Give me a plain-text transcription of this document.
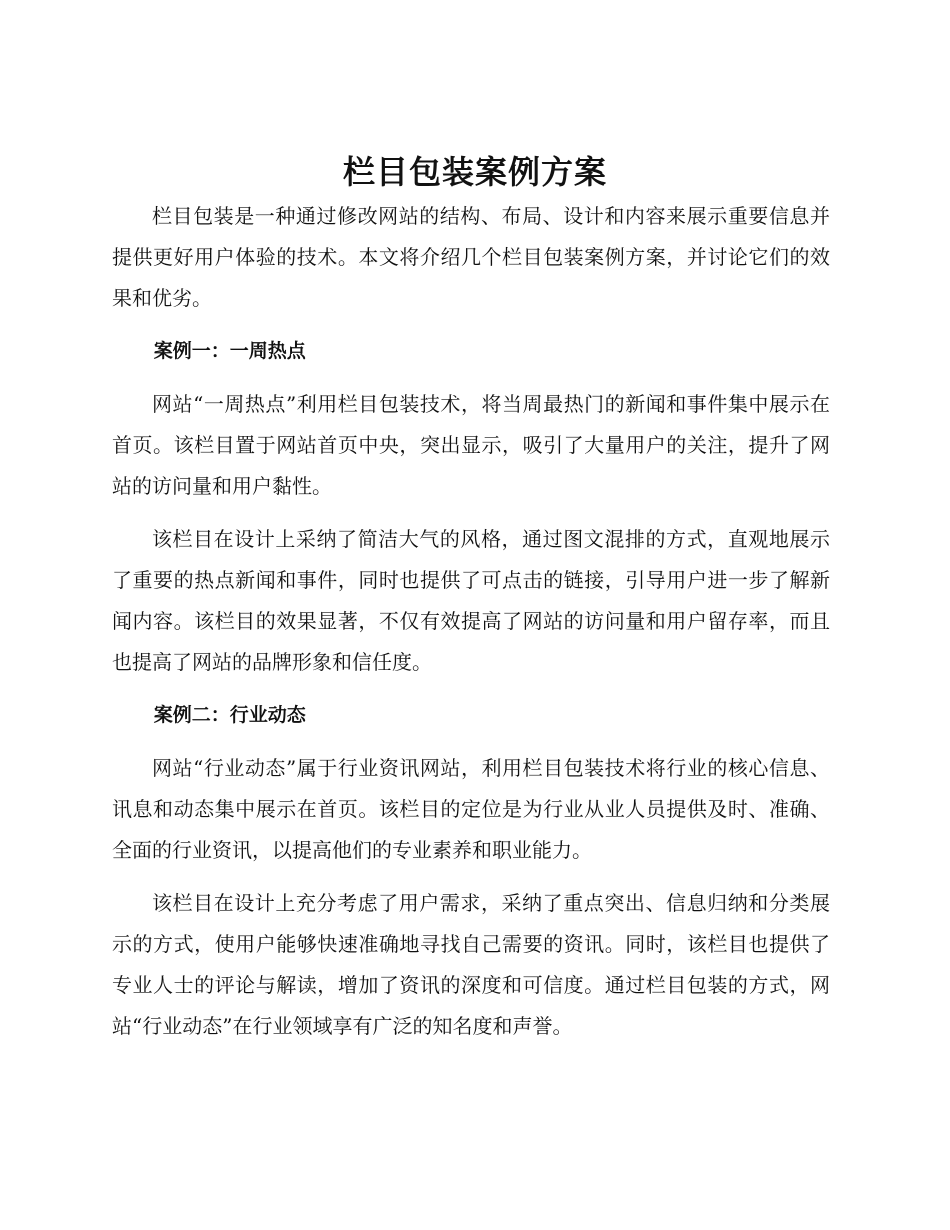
栏目包装案例方案

栏目包装是一种通过修改网站的结构、布局、设计和内容来展示重要信息并提供更好用户体验的技术。本文将介绍几个栏目包装案例方案，并讨论它们的效果和优劣。

案例一：一周热点

网站“一周热点”利用栏目包装技术，将当周最热门的新闻和事件集中展示在首页。该栏目置于网站首页中央，突出显示，吸引了大量用户的关注，提升了网站的访问量和用户黏性。

该栏目在设计上采纳了简洁大气的风格，通过图文混排的方式，直观地展示了重要的热点新闻和事件，同时也提供了可点击的链接，引导用户进一步了解新闻内容。该栏目的效果显著，不仅有效提高了网站的访问量和用户留存率，而且也提高了网站的品牌形象和信任度。

案例二：行业动态

网站“行业动态”属于行业资讯网站，利用栏目包装技术将行业的核心信息、讯息和动态集中展示在首页。该栏目的定位是为行业从业人员提供及时、准确、全面的行业资讯，以提高他们的专业素养和职业能力。

该栏目在设计上充分考虑了用户需求，采纳了重点突出、信息归纳和分类展示的方式，使用户能够快速准确地寻找自己需要的资讯。同时，该栏目也提供了专业人士的评论与解读，增加了资讯的深度和可信度。通过栏目包装的方式，网站“行业动态”在行业领域享有广泛的知名度和声誉。
